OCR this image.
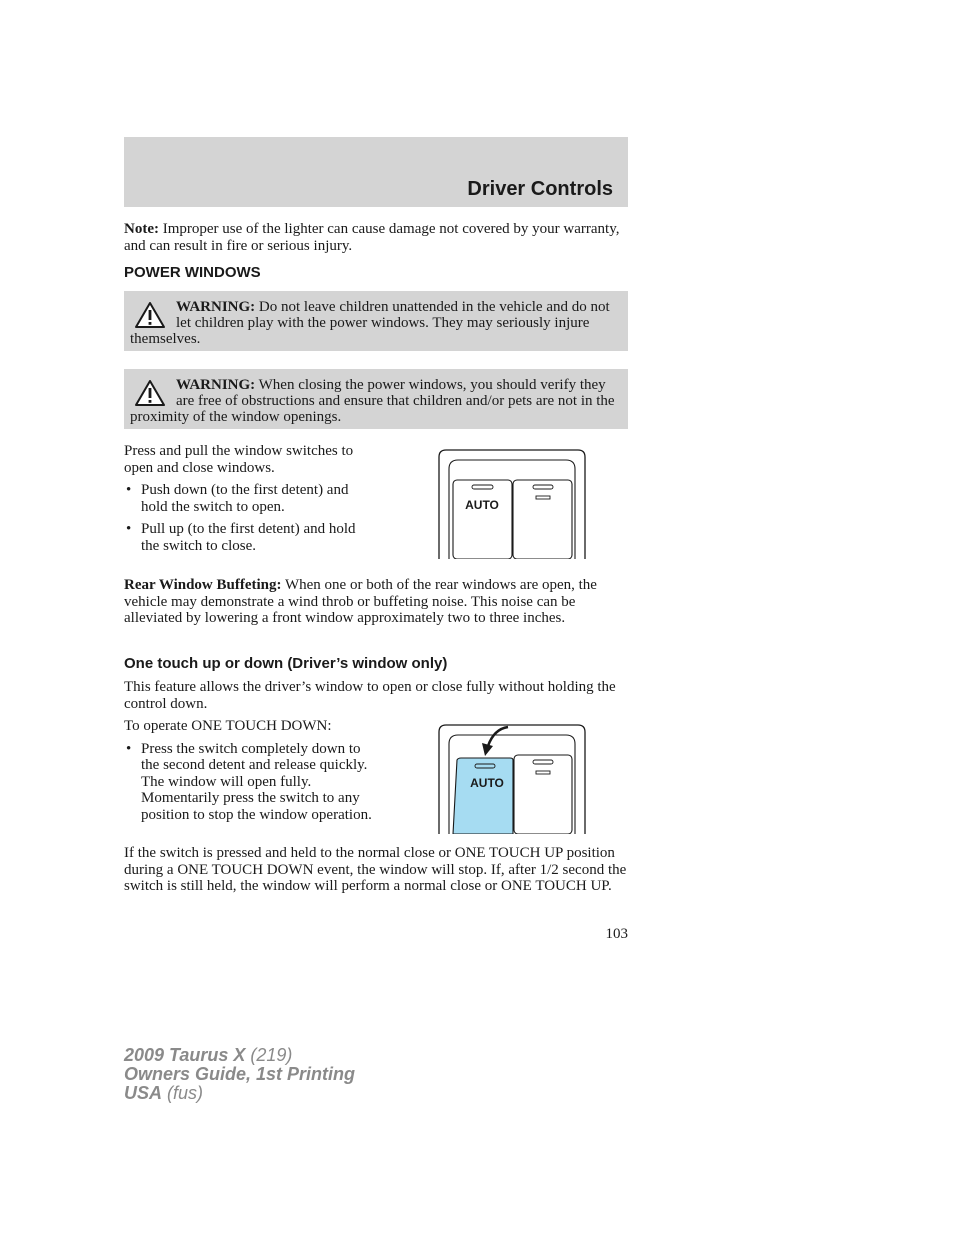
Driver Controls

Note: Improper use of the lighter can cause damage not covered by your warranty, and can result in fire or serious injury.

POWER WINDOWS
WARNING: Do not leave children unattended in the vehicle and do not let children play with the power windows. They may seriously injure themselves.
WARNING: When closing the power windows, you should verify they are free of obstructions and ensure that children and/or pets are not in the proximity of the window openings.
Press and pull the window switches to open and close windows.
• Push down (to the first detent) and hold the switch to open.
• Pull up (to the first detent) and hold the switch to close.
AUTO

Rear Window Buffeting: When one or both of the rear windows are open, the vehicle may demonstrate a wind throb or buffeting noise. This noise can be alleviated by lowering a front window approximately two to three inches.

One touch up or down (Driver’s window only)

This feature allows the driver’s window to open or close fully without holding the control down.

To operate ONE TOUCH DOWN:
• Press the switch completely down to the second detent and release quickly. The window will open fully. Momentarily press the switch to any position to stop the window operation.
AUTO

If the switch is pressed and held to the normal close or ONE TOUCH UP position during a ONE TOUCH DOWN event, the window will stop. If, after 1/2 second the switch is still held, the window will perform a normal close or ONE TOUCH UP.

103
2009 Taurus X (219)
Owners Guide, 1st Printing
USA (fus)
